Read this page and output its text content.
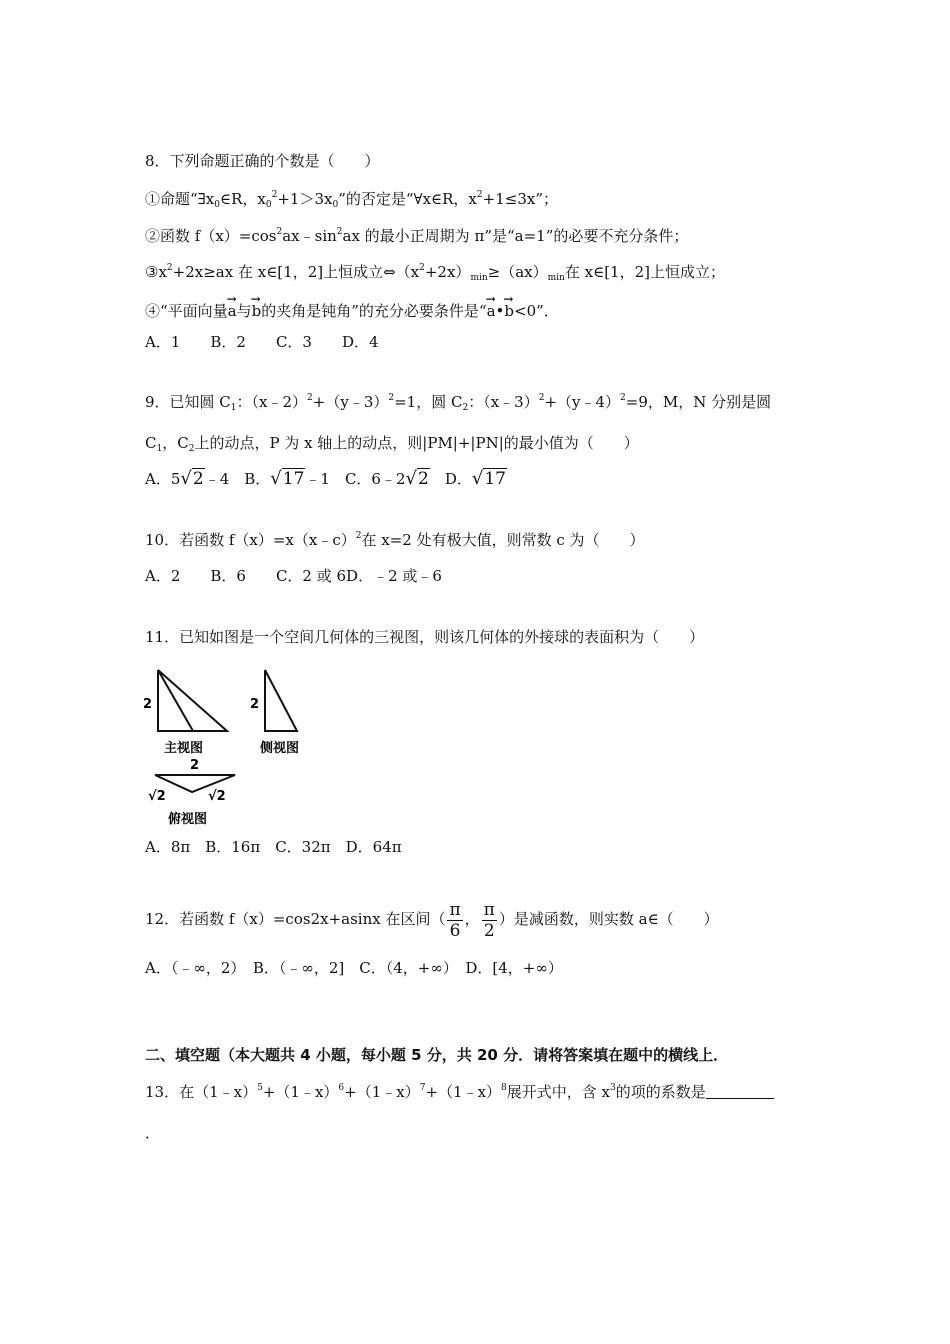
8．下列命题正确的个数是（　　）
①命题“$\exists x_0\in R$，$x_0^2+1>3x_0$”的否定是“∀x∈R，$x^2+1\le 3x$”；
②函数 $f(x)=\cos^2ax﹣\sin^2ax$ 的最小正周期为 π”是“a=1”的必要不充分条件；
$③x^2+2x\ge ax$ 在 x∈[1，2]上恒成立$\Leftrightarrow(x^2+2x)_{min}\ge(ax)_{min}$在 x∈[1，2]上恒成立；
④“平面向量→ a与→ b的夹角是钝角”的充分必要条件是“→ a•→ b<0”．
A．1　　B．2　　C．3　　D．4
9．已知圆 $C_1$：（x﹣2）$^2$+（y﹣3）$^2$=1，圆 $C_2$：（x﹣3）$^2$+（y﹣4）$^2$=9，M，N 分别是圆
$C_1$，$C_2$上的动点，P 为 x 轴上的动点，则|PM|+|PN|的最小值为（　　）
A．5√2﹣4　B．√17﹣1　C．6﹣2√2　D．√17
10．若函数 f（x）=x（x﹣c）$^2$在 x=2 处有极大值，则常数 c 为（　　）
A．2　　B．6　　C．2 或 6D．﹣2 或﹣6
11．已知如图是一个空间几何体的三视图，则该几何体的外接球的表面积为（　　）
2
主视图
2
侧视图
2
√2	√2
俯视图
A．8π　B．16π　C．32π　D．64π
12．若函数 f（x）=cos2x+asinx 在区间（ $\frac{\pi}{6}$ ， $\frac{\pi}{2}$ ）是减函数，则实数 a∈（　　）
A．（﹣∞，2）　B．（﹣∞，2]　C．（4，+∞）　D．[4，+∞）
二、填空题（本大题共 4 小题，每小题 5 分，共 20 分．请将答案填在题中的横线上．
13．在（1﹣x）$^5$+（1﹣x）$^6$+（1﹣x）$^7$+（1﹣x）$^8$展开式中，含 $x^3$的项的系数是
．
